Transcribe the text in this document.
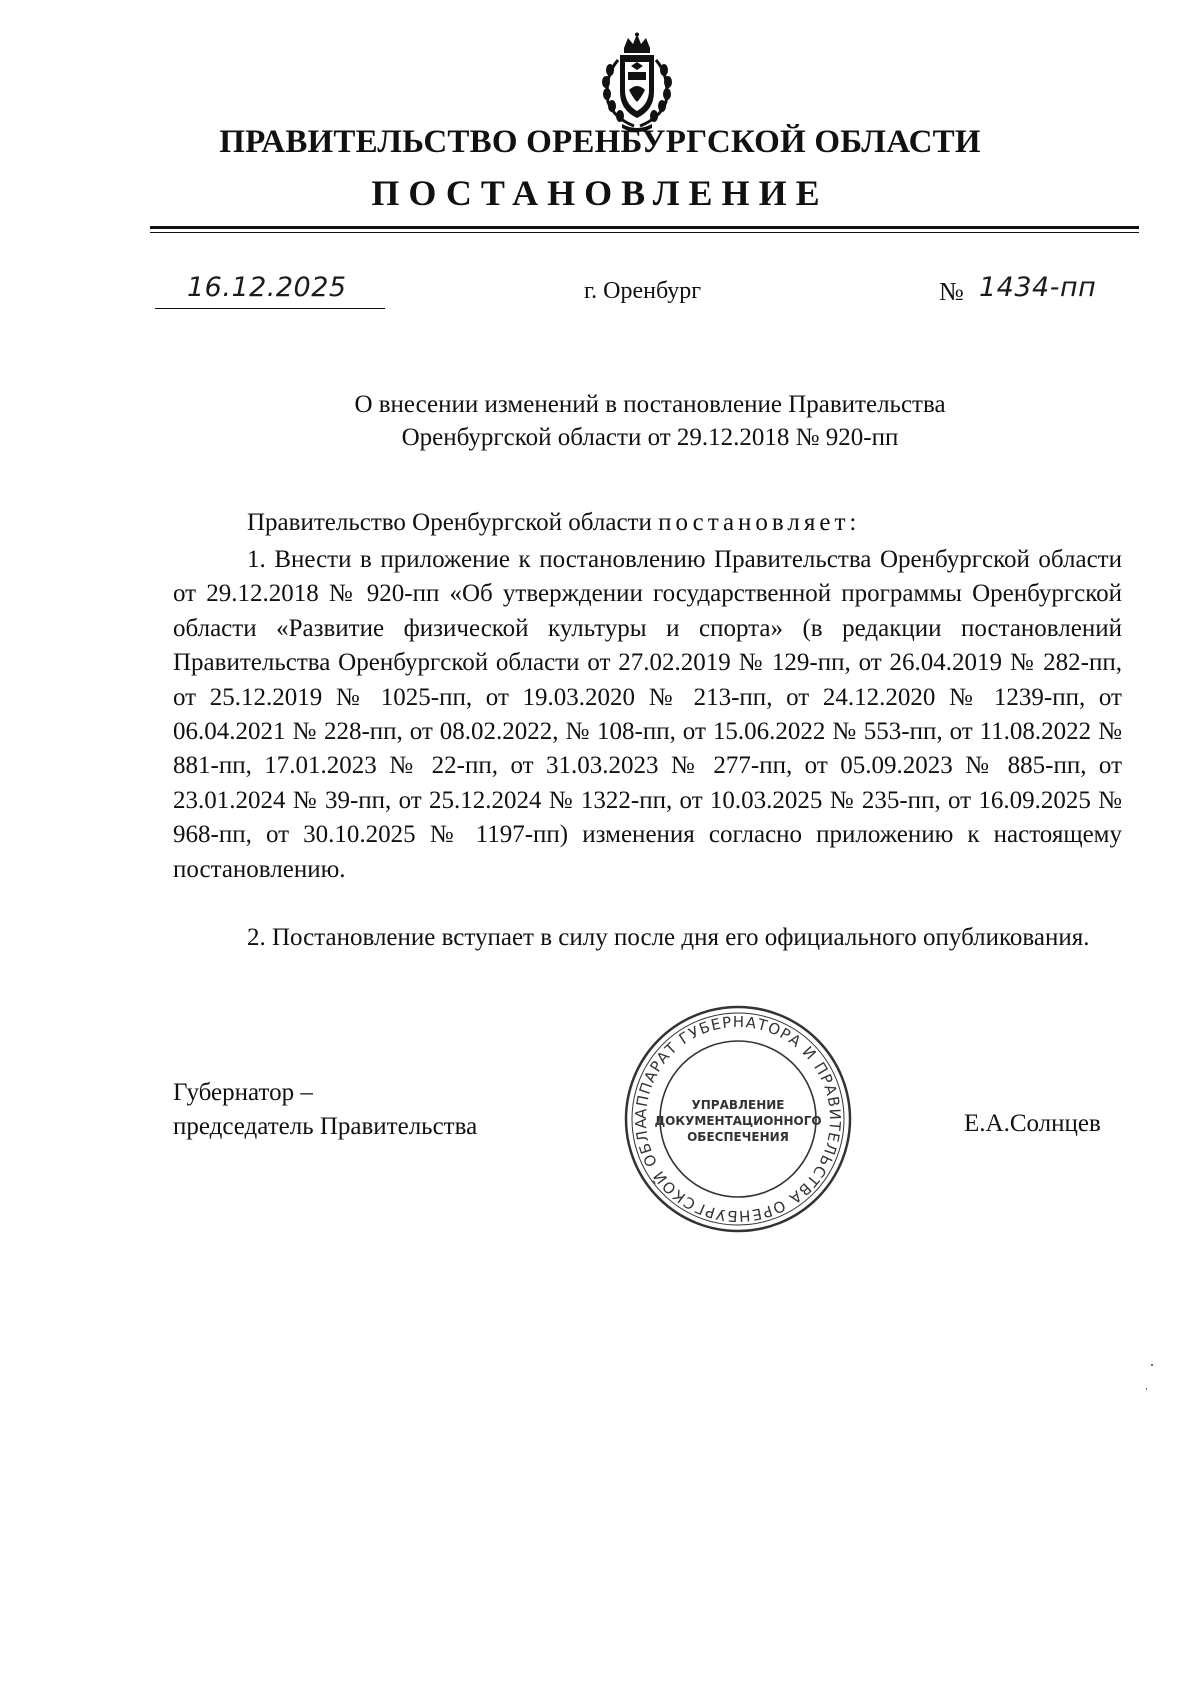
ПРАВИТЕЛЬСТВО ОРЕНБУРГСКОЙ ОБЛАСТИ
ПОСТАНОВЛЕНИЕ
16.12.2025	г. Оренбург	№ 1434-пп
О внесении изменений в постановление Правительства
Оренбургской области от 29.12.2018 № 920-пп
Правительство Оренбургской области постановляет:
1. Внести в приложение к постановлению Правительства Оренбургской области от 29.12.2018 № 920-пп «Об утверждении государственной программы Оренбургской области «Развитие физической культуры и спорта» (в редакции постановлений Правительства Оренбургской области от 27.02.2019 № 129-пп, от 26.04.2019 № 282-пп, от 25.12.2019 № 1025-пп, от 19.03.2020 № 213-пп, от 24.12.2020 № 1239-пп, от 06.04.2021 № 228-пп, от 08.02.2022, № 108-пп, от 15.06.2022 № 553-пп, от 11.08.2022 № 881-пп, 17.01.2023 № 22-пп, от 31.03.2023 № 277-пп, от 05.09.2023 № 885-пп, от 23.01.2024 № 39-пп, от 25.12.2024 № 1322-пп, от 10.03.2025 № 235-пп, от 16.09.2025 № 968-пп, от 30.10.2025 № 1197-пп) изменения согласно приложению к настоящему постановлению.
2. Постановление вступает в силу после дня его официального опубликования.
Губернатор –
председатель Правительства	Е.А.Солнцев
АППАРАТ ГУБЕРНАТОРА И ПРАВИТЕЛЬСТВА ОРЕНБУРГСКОЙ ОБЛА
УПРАВЛЕНИЕ
ДОКУМЕНТАЦИОННОГО
ОБЕСПЕЧЕНИЯ
